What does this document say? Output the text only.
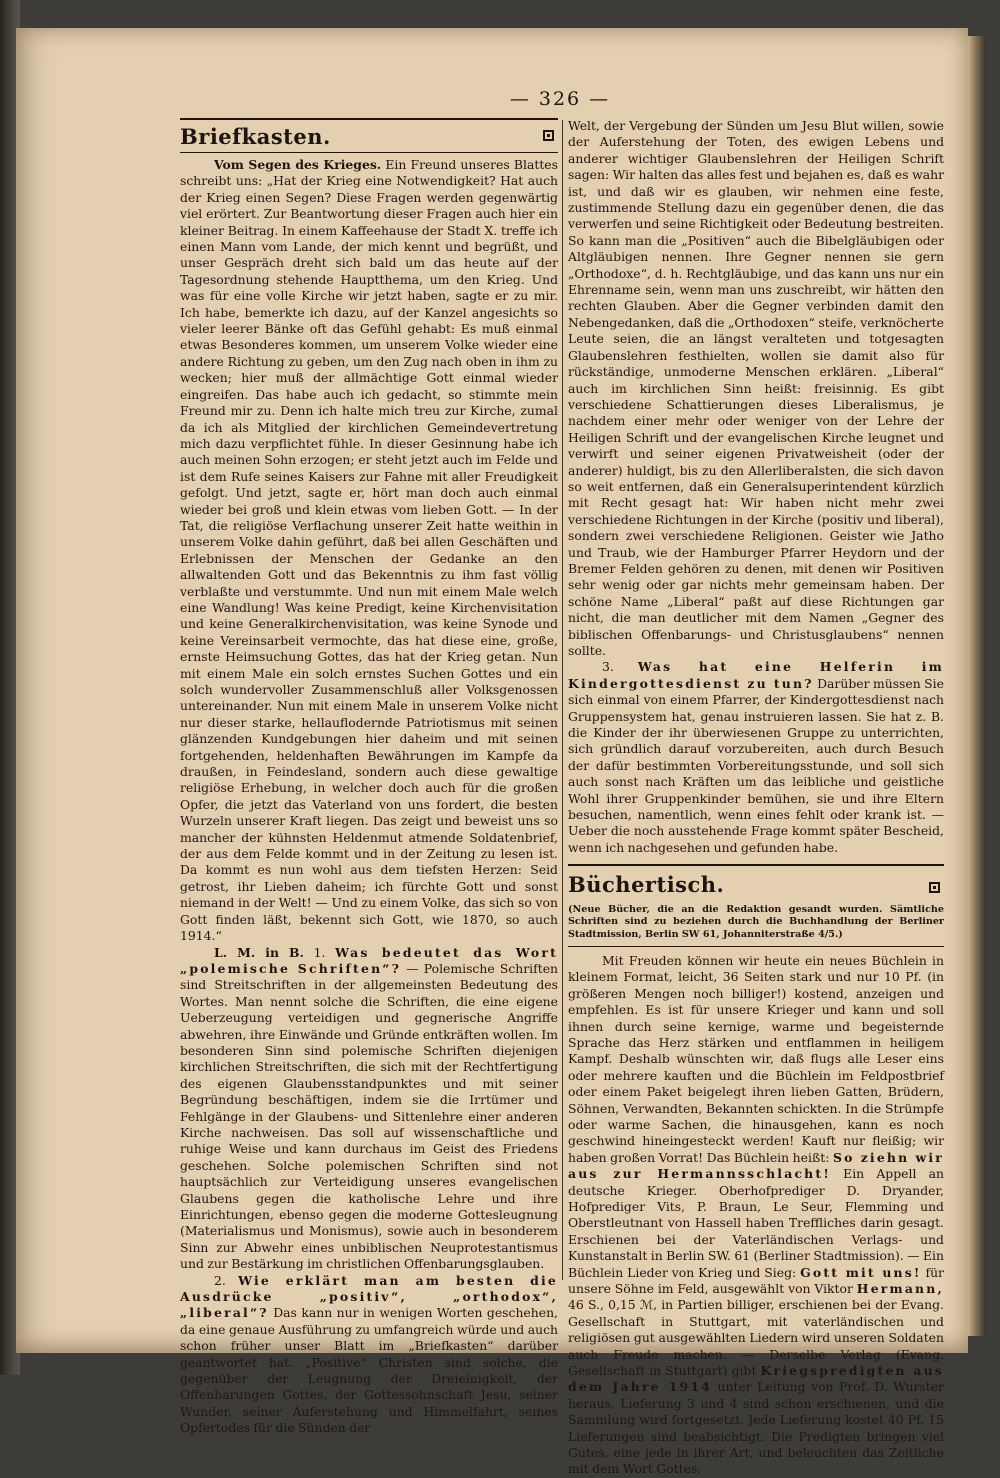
— 326 —
Briefkasten.

Vom Segen des Krieges. Ein Freund unseres Blattes schreibt uns: „Hat der Krieg eine Notwendigkeit? Hat auch der Krieg einen Segen? Diese Fragen werden gegenwärtig viel erörtert. Zur Beantwortung dieser Fragen auch hier ein kleiner Beitrag. In einem Kaffeehause der Stadt X. treffe ich einen Mann vom Lande, der mich kennt und begrüßt, und unser Gespräch dreht sich bald um das heute auf der Tagesordnung stehende Hauptthema, um den Krieg. Und was für eine volle Kirche wir jetzt haben, sagte er zu mir. Ich habe, bemerkte ich dazu, auf der Kanzel angesichts so vieler leerer Bänke oft das Gefühl gehabt: Es muß einmal etwas Besonderes kommen, um unserem Volke wieder eine andere Richtung zu geben, um den Zug nach oben in ihm zu wecken; hier muß der allmächtige Gott einmal wieder eingreifen. Das habe auch ich gedacht, so stimmte mein Freund mir zu. Denn ich halte mich treu zur Kirche, zumal da ich als Mitglied der kirchlichen Gemeindevertretung mich dazu verpflichtet fühle. In dieser Gesinnung habe ich auch meinen Sohn erzogen; er steht jetzt auch im Felde und ist dem Rufe seines Kaisers zur Fahne mit aller Freudigkeit gefolgt. Und jetzt, sagte er, hört man doch auch einmal wieder bei groß und klein etwas vom lieben Gott. — In der Tat, die religiöse Verflachung unserer Zeit hatte weithin in unserem Volke dahin geführt, daß bei allen Geschäften und Erlebnissen der Menschen der Gedanke an den allwaltenden Gott und das Bekenntnis zu ihm fast völlig verblaßte und verstummte. Und nun mit einem Male welch eine Wandlung! Was keine Predigt, keine Kirchenvisitation und keine Generalkirchenvisitation, was keine Synode und keine Vereinsarbeit vermochte, das hat diese eine, große, ernste Heimsuchung Gottes, das hat der Krieg getan. Nun mit einem Male ein solch ernstes Suchen Gottes und ein solch wundervoller Zusammenschluß aller Volksgenossen untereinander. Nun mit einem Male in unserem Volke nicht nur dieser starke, hellauflodernde Patriotismus mit seinen glänzenden Kundgebungen hier daheim und mit seinen fortgehenden, heldenhaften Bewährungen im Kampfe da draußen, in Feindesland, sondern auch diese gewaltige religiöse Erhebung, in welcher doch auch für die großen Opfer, die jetzt das Vaterland von uns fordert, die besten Wurzeln unserer Kraft liegen. Das zeigt und beweist uns so mancher der kühnsten Heldenmut atmende Soldatenbrief, der aus dem Felde kommt und in der Zeitung zu lesen ist. Da kommt es nun wohl aus dem tiefsten Herzen: Seid getrost, ihr Lieben daheim; ich fürchte Gott und sonst niemand in der Welt! — Und zu einem Volke, das sich so von Gott finden läßt, bekennt sich Gott, wie 1870, so auch 1914.“

L. M. in B. 1. Was bedeutet das Wort „polemische Schriften“? — Polemische Schriften sind Streitschriften in der allgemeinsten Bedeutung des Wortes. Man nennt solche die Schriften, die eine eigene Ueberzeugung verteidigen und gegnerische Angriffe abwehren, ihre Einwände und Gründe entkräften wollen. Im besonderen Sinn sind polemische Schriften diejenigen kirchlichen Streitschriften, die sich mit der Rechtfertigung des eigenen Glaubensstandpunktes und mit seiner Begründung beschäftigen, indem sie die Irrtümer und Fehlgänge in der Glaubens- und Sittenlehre einer anderen Kirche nachweisen. Das soll auf wissenschaftliche und ruhige Weise und kann durchaus im Geist des Friedens geschehen. Solche polemischen Schriften sind not hauptsächlich zur Verteidigung unseres evangelischen Glaubens gegen die katholische Lehre und ihre Einrichtungen, ebenso gegen die moderne Gottesleugnung (Materialismus und Monismus), sowie auch in besonderem Sinn zur Abwehr eines unbiblischen Neuprotestantismus und zur Bestärkung im christlichen Offenbarungsglauben.

2. Wie erklärt man am besten die Ausdrücke „positiv“, „orthodox“, „liberal“? Das kann nur in wenigen Worten geschehen, da eine genaue Ausführung zu umfangreich würde und auch schon früher unser Blatt im „Briefkasten“ darüber geantwortet hat. „Positive“ Christen sind solche, die gegenüber der Leugnung der Dreieinigkeit, der Offenbarungen Gottes, der Gottessohnschaft Jesu, seiner Wunder, seiner Auferstehung und Himmelfahrt, seines Opfertodes für die Sünden der

Welt, der Vergebung der Sünden um Jesu Blut willen, sowie der Auferstehung der Toten, des ewigen Lebens und anderer wichtiger Glaubenslehren der Heiligen Schrift sagen: Wir halten das alles fest und bejahen es, daß es wahr ist, und daß wir es glauben, wir nehmen eine feste, zustimmende Stellung dazu ein gegenüber denen, die das verwerfen und seine Richtigkeit oder Bedeutung bestreiten. So kann man die „Positiven“ auch die Bibelgläubigen oder Altgläubigen nennen. Ihre Gegner nennen sie gern „Orthodoxe“, d. h. Rechtgläubige, und das kann uns nur ein Ehrenname sein, wenn man uns zuschreibt, wir hätten den rechten Glauben. Aber die Gegner verbinden damit den Nebengedanken, daß die „Orthodoxen“ steife, verknöcherte Leute seien, die an längst veralteten und totgesagten Glaubenslehren festhielten, wollen sie damit also für rückständige, unmoderne Menschen erklären. „Liberal“ auch im kirchlichen Sinn heißt: freisinnig. Es gibt verschiedene Schattierungen dieses Liberalismus, je nachdem einer mehr oder weniger von der Lehre der Heiligen Schrift und der evangelischen Kirche leugnet und verwirft und seiner eigenen Privatweisheit (oder der anderer) huldigt, bis zu den Allerliberalsten, die sich davon so weit entfernen, daß ein Generalsuperintendent kürzlich mit Recht gesagt hat: Wir haben nicht mehr zwei verschiedene Richtungen in der Kirche (positiv und liberal), sondern zwei verschiedene Religionen. Geister wie Jatho und Traub, wie der Hamburger Pfarrer Heydorn und der Bremer Felden gehören zu denen, mit denen wir Positiven sehr wenig oder gar nichts mehr gemeinsam haben. Der schöne Name „Liberal“ paßt auf diese Richtungen gar nicht, die man deutlicher mit dem Namen „Gegner des biblischen Offenbarungs- und Christusglaubens“ nennen sollte.

3. Was hat eine Helferin im Kindergottesdienst zu tun? Darüber müssen Sie sich einmal von einem Pfarrer, der Kindergottesdienst nach Gruppensystem hat, genau instruieren lassen. Sie hat z. B. die Kinder der ihr überwiesenen Gruppe zu unterrichten, sich gründlich darauf vorzubereiten, auch durch Besuch der dafür bestimmten Vorbereitungsstunde, und soll sich auch sonst nach Kräften um das leibliche und geistliche Wohl ihrer Gruppenkinder bemühen, sie und ihre Eltern besuchen, namentlich, wenn eines fehlt oder krank ist. — Ueber die noch ausstehende Frage kommt später Bescheid, wenn ich nachgesehen und gefunden habe.

Büchertisch.

(Neue Bücher, die an die Redaktion gesandt wurden. Sämtliche Schriften sind zu beziehen durch die Buchhandlung der Berliner Stadtmission, Berlin SW 61, Johanniterstraße 4/5.)

Mit Freuden können wir heute ein neues Büchlein in kleinem Format, leicht, 36 Seiten stark und nur 10 Pf. (in größeren Mengen noch billiger!) kostend, anzeigen und empfehlen. Es ist für unsere Krieger und kann und soll ihnen durch seine kernige, warme und begeisternde Sprache das Herz stärken und entflammen in heiligem Kampf. Deshalb wünschten wir, daß flugs alle Leser eins oder mehrere kauften und die Büchlein im Feldpostbrief oder einem Paket beigelegt ihren lieben Gatten, Brüdern, Söhnen, Verwandten, Bekannten schickten. In die Strümpfe oder warme Sachen, die hinausgehen, kann es noch geschwind hineingesteckt werden! Kauft nur fleißig; wir haben großen Vorrat! Das Büchlein heißt: So ziehn wir aus zur Hermannsschlacht! Ein Appell an deutsche Krieger. Oberhofprediger D. Dryander, Hofprediger Vits, P. Braun, Le Seur, Flemming und Oberstleutnant von Hassell haben Treffliches darin gesagt. Erschienen bei der Vaterländischen Verlags- und Kunstanstalt in Berlin SW. 61 (Berliner Stadtmission). — Ein Büchlein Lieder von Krieg und Sieg: Gott mit uns! für unsere Söhne im Feld, ausgewählt von Viktor Hermann, 46 S., 0,15 ℳ, in Partien billiger, erschienen bei der Evang. Gesellschaft in Stuttgart, mit vaterländischen und religiösen gut ausgewählten Liedern wird unseren Soldaten auch Freude machen. — Derselbe Verlag (Evang. Gesellschaft in Stuttgart) gibt Kriegspredigten aus dem Jahre 1914 unter Leitung von Prof. D. Wurster heraus. Lieferung 3 und 4 sind schon erschienen, und die Sammlung wird fortgesetzt. Jede Lieferung kostet 40 Pf. 15 Lieferungen sind beabsichtigt. Die Predigten bringen viel Gutes, eine jede in ihrer Art, und beleuchten das Zeitliche mit dem Wort Gottes.
